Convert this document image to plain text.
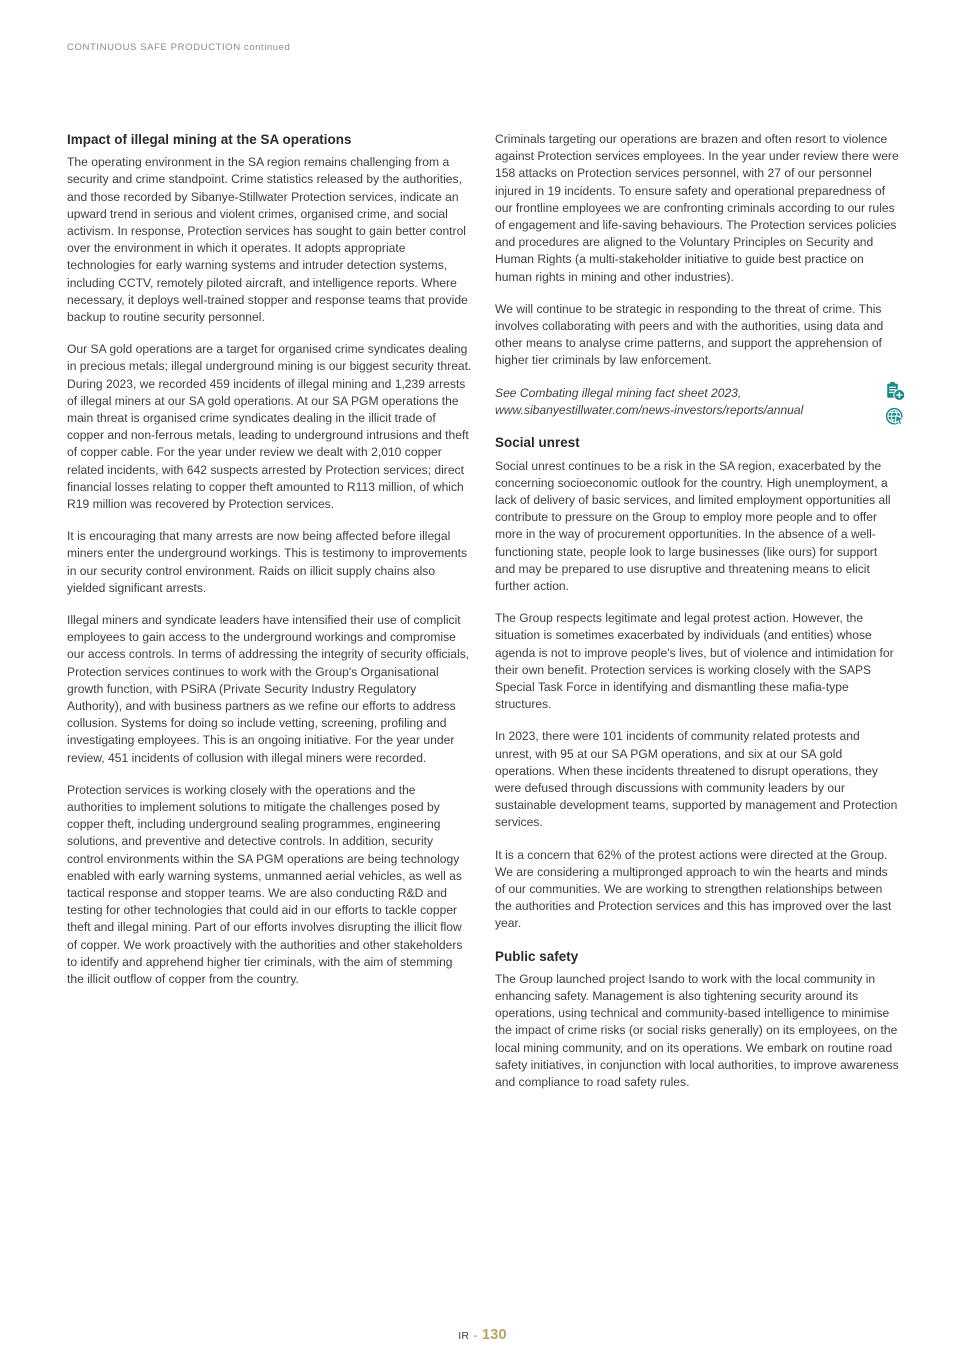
CONTINUOUS SAFE PRODUCTION continued
Impact of illegal mining at the SA operations

The operating environment in the SA region remains challenging from a security and crime standpoint. Crime statistics released by the authorities, and those recorded by Sibanye-Stillwater Protection services, indicate an upward trend in serious and violent crimes, organised crime, and social activism. In response, Protection services has sought to gain better control over the environment in which it operates. It adopts appropriate technologies for early warning systems and intruder detection systems, including CCTV, remotely piloted aircraft, and intelligence reports. Where necessary, it deploys well-trained stopper and response teams that provide backup to routine security personnel.

Our SA gold operations are a target for organised crime syndicates dealing in precious metals; illegal underground mining is our biggest security threat. During 2023, we recorded 459 incidents of illegal mining and 1,239 arrests of illegal miners at our SA gold operations. At our SA PGM operations the main threat is organised crime syndicates dealing in the illicit trade of copper and non-ferrous metals, leading to underground intrusions and theft of copper cable. For the year under review we dealt with 2,010 copper related incidents, with 642 suspects arrested by Protection services; direct financial losses relating to copper theft amounted to R113 million, of which R19 million was recovered by Protection services.

It is encouraging that many arrests are now being affected before illegal miners enter the underground workings. This is testimony to improvements in our security control environment. Raids on illicit supply chains also yielded significant arrests.

Illegal miners and syndicate leaders have intensified their use of complicit employees to gain access to the underground workings and compromise our access controls. In terms of addressing the integrity of security officials, Protection services continues to work with the Group's Organisational growth function, with PSiRA (Private Security Industry Regulatory Authority), and with business partners as we refine our efforts to address collusion. Systems for doing so include vetting, screening, profiling and investigating employees. This is an ongoing initiative. For the year under review, 451 incidents of collusion with illegal miners were recorded.

Protection services is working closely with the operations and the authorities to implement solutions to mitigate the challenges posed by copper theft, including underground sealing programmes, engineering solutions, and preventive and detective controls. In addition, security control environments within the SA PGM operations are being technology enabled with early warning systems, unmanned aerial vehicles, as well as tactical response and stopper teams. We are also conducting R&D and testing for other technologies that could aid in our efforts to tackle copper theft and illegal mining. Part of our efforts involves disrupting the illicit flow of copper. We work proactively with the authorities and other stakeholders to identify and apprehend higher tier criminals, with the aim of stemming the illicit outflow of copper from the country.

Criminals targeting our operations are brazen and often resort to violence against Protection services employees. In the year under review there were 158 attacks on Protection services personnel, with 27 of our personnel injured in 19 incidents. To ensure safety and operational preparedness of our frontline employees we are confronting criminals according to our rules of engagement and life-saving behaviours. The Protection services policies and procedures are aligned to the Voluntary Principles on Security and Human Rights (a multi-stakeholder initiative to guide best practice on human rights in mining and other industries).

We will continue to be strategic in responding to the threat of crime. This involves collaborating with peers and with the authorities, using data and other means to analyse crime patterns, and support the apprehension of higher tier criminals by law enforcement.

See Combating illegal mining fact sheet 2023, www.sibanyestillwater.com/news-investors/reports/annual

Social unrest

Social unrest continues to be a risk in the SA region, exacerbated by the concerning socioeconomic outlook for the country. High unemployment, a lack of delivery of basic services, and limited employment opportunities all contribute to pressure on the Group to employ more people and to offer more in the way of procurement opportunities. In the absence of a well-functioning state, people look to large businesses (like ours) for support and may be prepared to use disruptive and threatening means to elicit further action.

The Group respects legitimate and legal protest action. However, the situation is sometimes exacerbated by individuals (and entities) whose agenda is not to improve people's lives, but of violence and intimidation for their own benefit. Protection services is working closely with the SAPS Special Task Force in identifying and dismantling these mafia-type structures.

In 2023, there were 101 incidents of community related protests and unrest, with 95 at our SA PGM operations, and six at our SA gold operations. When these incidents threatened to disrupt operations, they were defused through discussions with community leaders by our sustainable development teams, supported by management and Protection services.

It is a concern that 62% of the protest actions were directed at the Group. We are considering a multipronged approach to win the hearts and minds of our communities. We are working to strengthen relationships between the authorities and Protection services and this has improved over the last year.

Public safety

The Group launched project Isando to work with the local community in enhancing safety. Management is also tightening security around its operations, using technical and community-based intelligence to minimise the impact of crime risks (or social risks generally) on its employees, on the local mining community, and on its operations. We embark on routine road safety initiatives, in conjunction with local authorities, to improve awareness and compliance to road safety rules.

IR - 130
